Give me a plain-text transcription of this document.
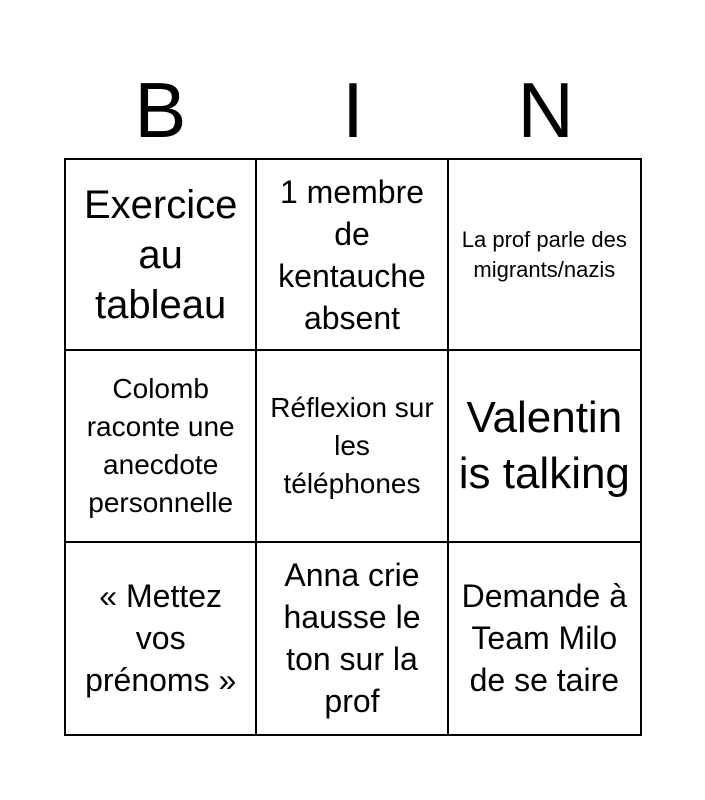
B	I	N
Exercice au tableau
1 membre de kentauche absent
La prof parle des migrants/nazis
Colomb raconte une anecdote personnelle
Réflexion sur les téléphones
Valentin is talking
« Mettez vos prénoms »
Anna crie hausse le ton sur la prof
Demande à Team Milo de se taire
